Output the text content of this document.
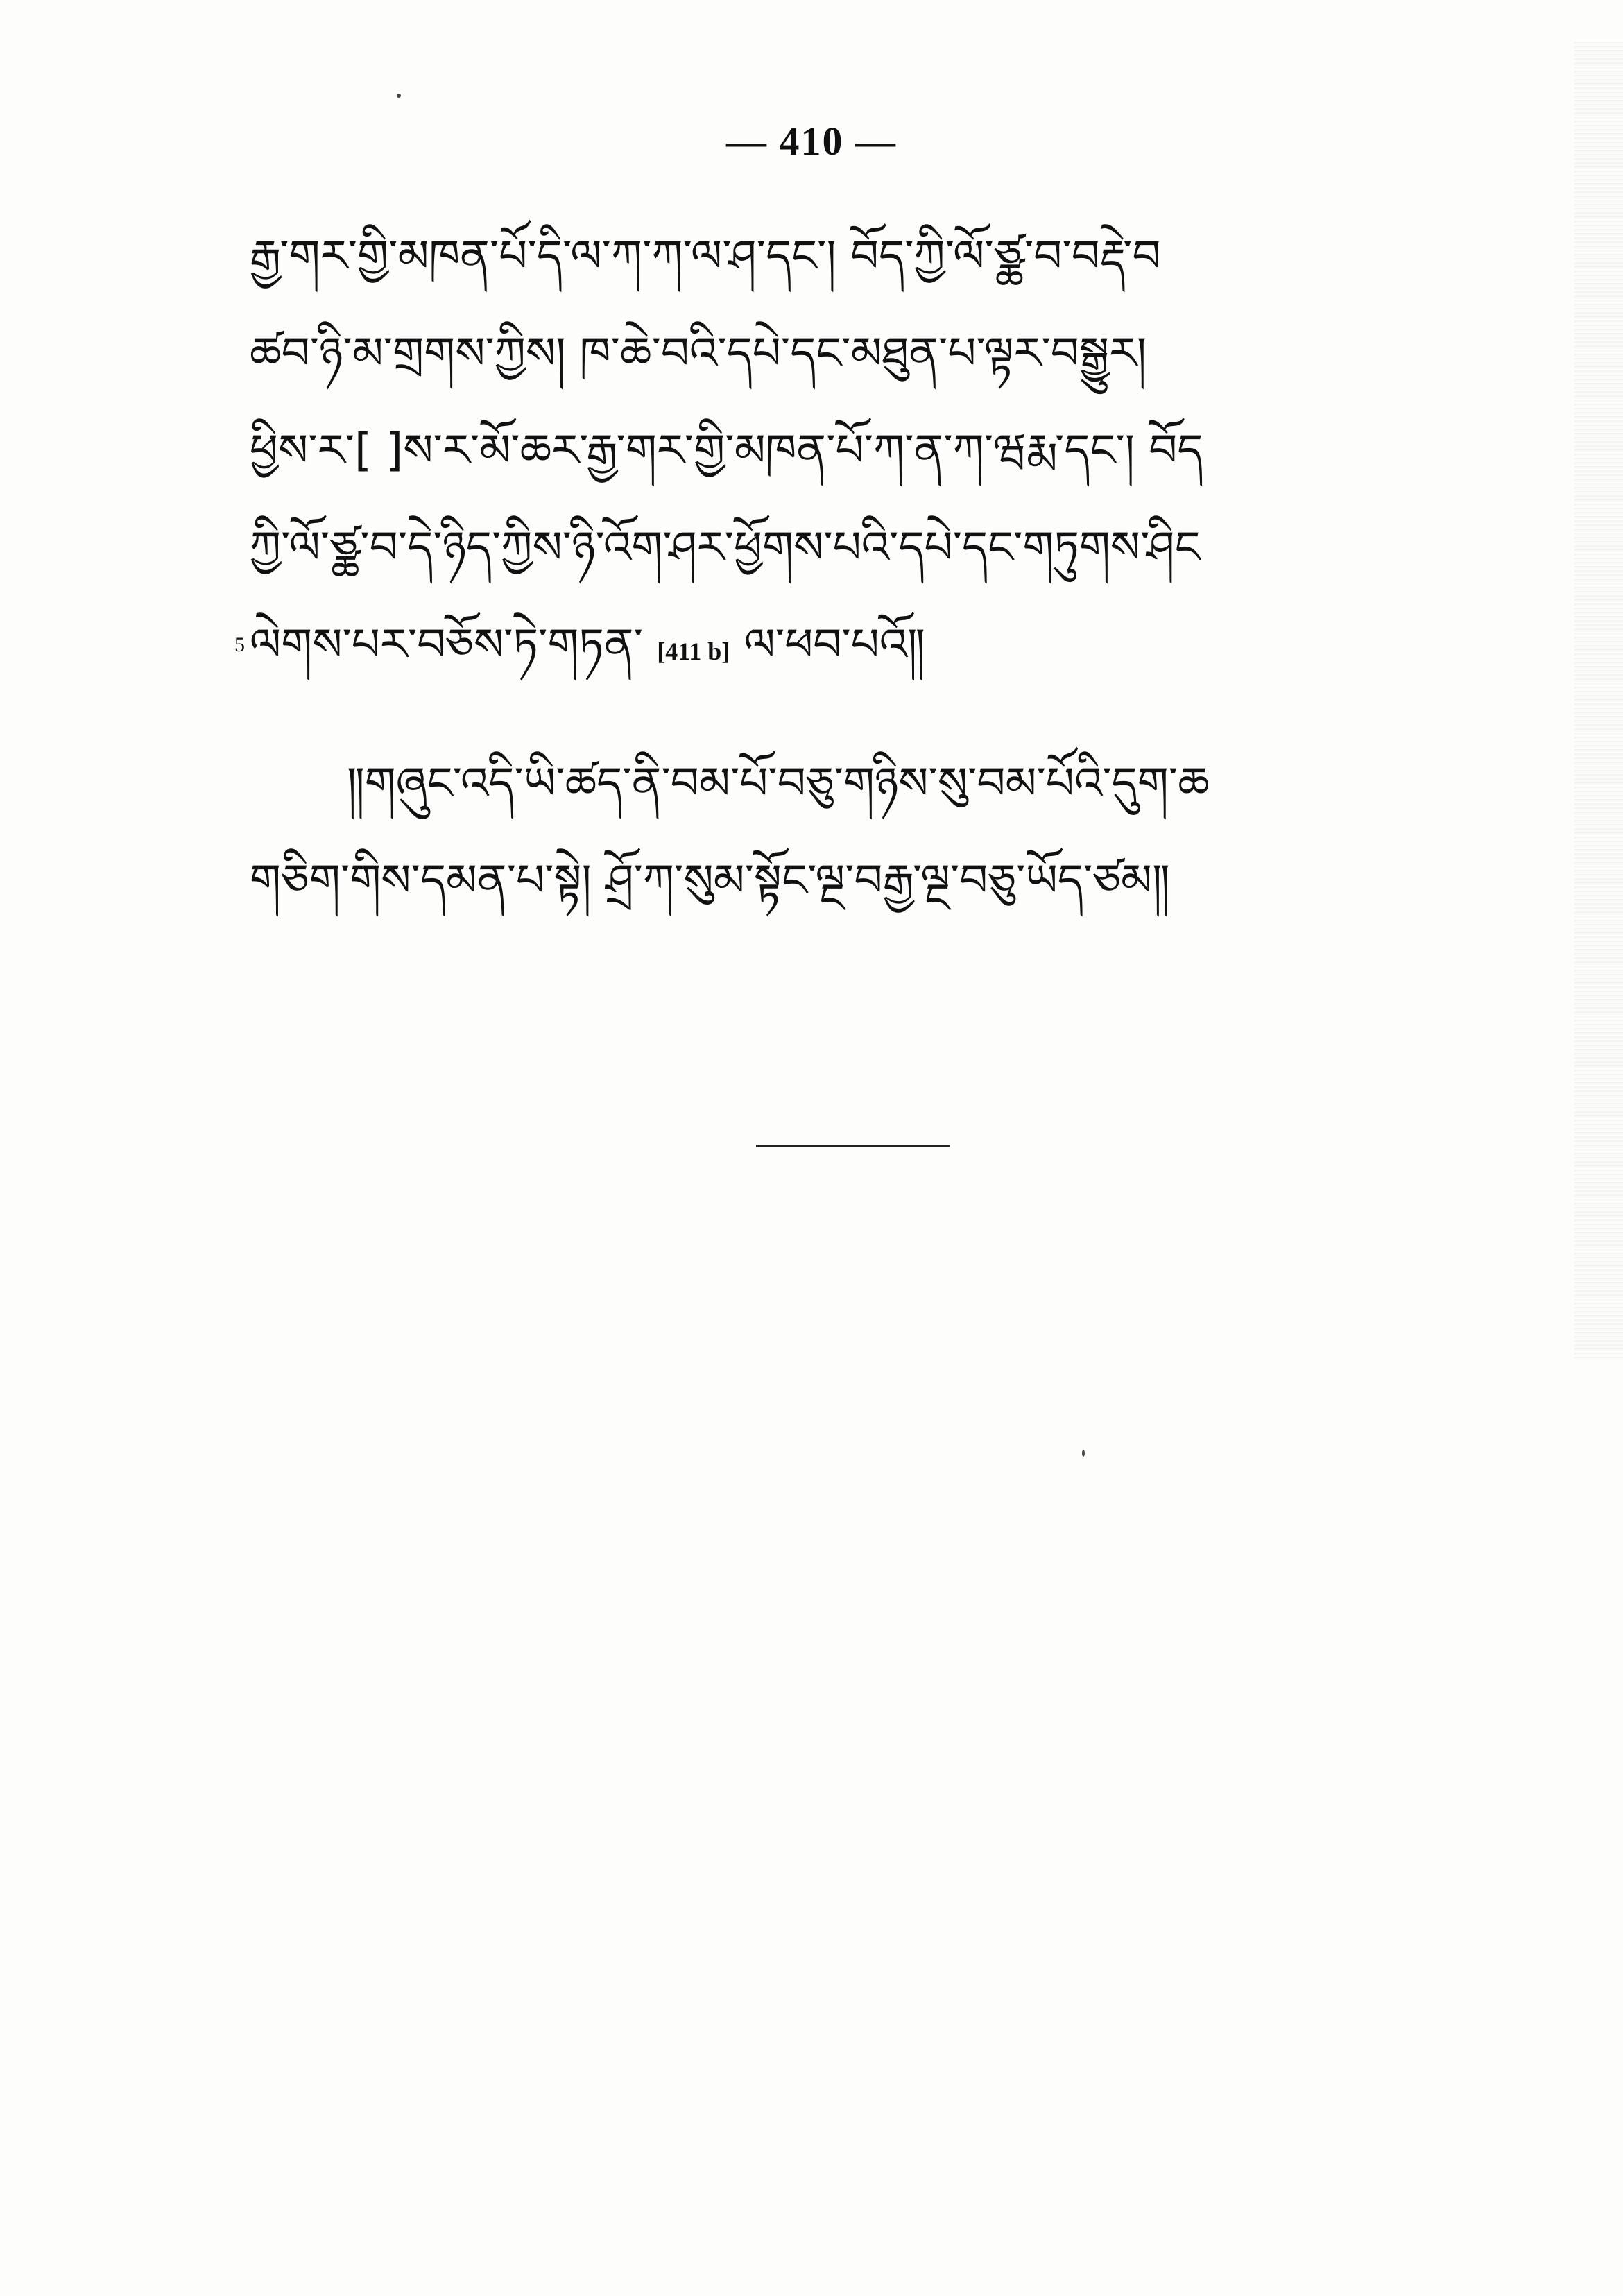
— 410 —
རྒྱ་གར་གྱི་མཁན་པོ་དི་ལ་ཀ་ཀ་ལ་ཤ་དང་། བོད་ཀྱི་ལོ་ཙྪ་བ་བརྡེ་བ
ཚབ་ཉི་མ་གྲགས་ཀྱིས། ཁ་ཆེ་བའི་དཔེ་དང་མཐུན་པ་ལྟར་བསྒྱུར།
ཕྱིས་ར་[ ]ས་ར་མོ་ཆར་རྒྱ་གར་གྱི་མཁན་པོ་ཀ་ན་ཀ་ཝརྨ་དང་། བོད
ཀྱི་ལོ་ཙྪ་བ་དེ་ཉིད་ཀྱིས་ཉི་འོག་ཤར་ཕྱོགས་པའི་དཔེ་དང་གཏུགས་ཤིང
5 ལེགས་པར་བཅོས་ཏེ་གཏན་ [411 b] ལ་ཕབ་པའོ༎
༎གཞུང་འདི་ཡི་ཚད་ནི་བམ་པོ་བཅུ་གཉིས་སུ་བམ་པོའི་དུག་ཆ
གཅིག་གིས་དམན་པ་སྟེ། ཤྲོ་ཀ་སུམ་སྟོང་ལྔ་བརྒྱ་ལྔ་བཅུ་ཡོད་ཙམ༎
